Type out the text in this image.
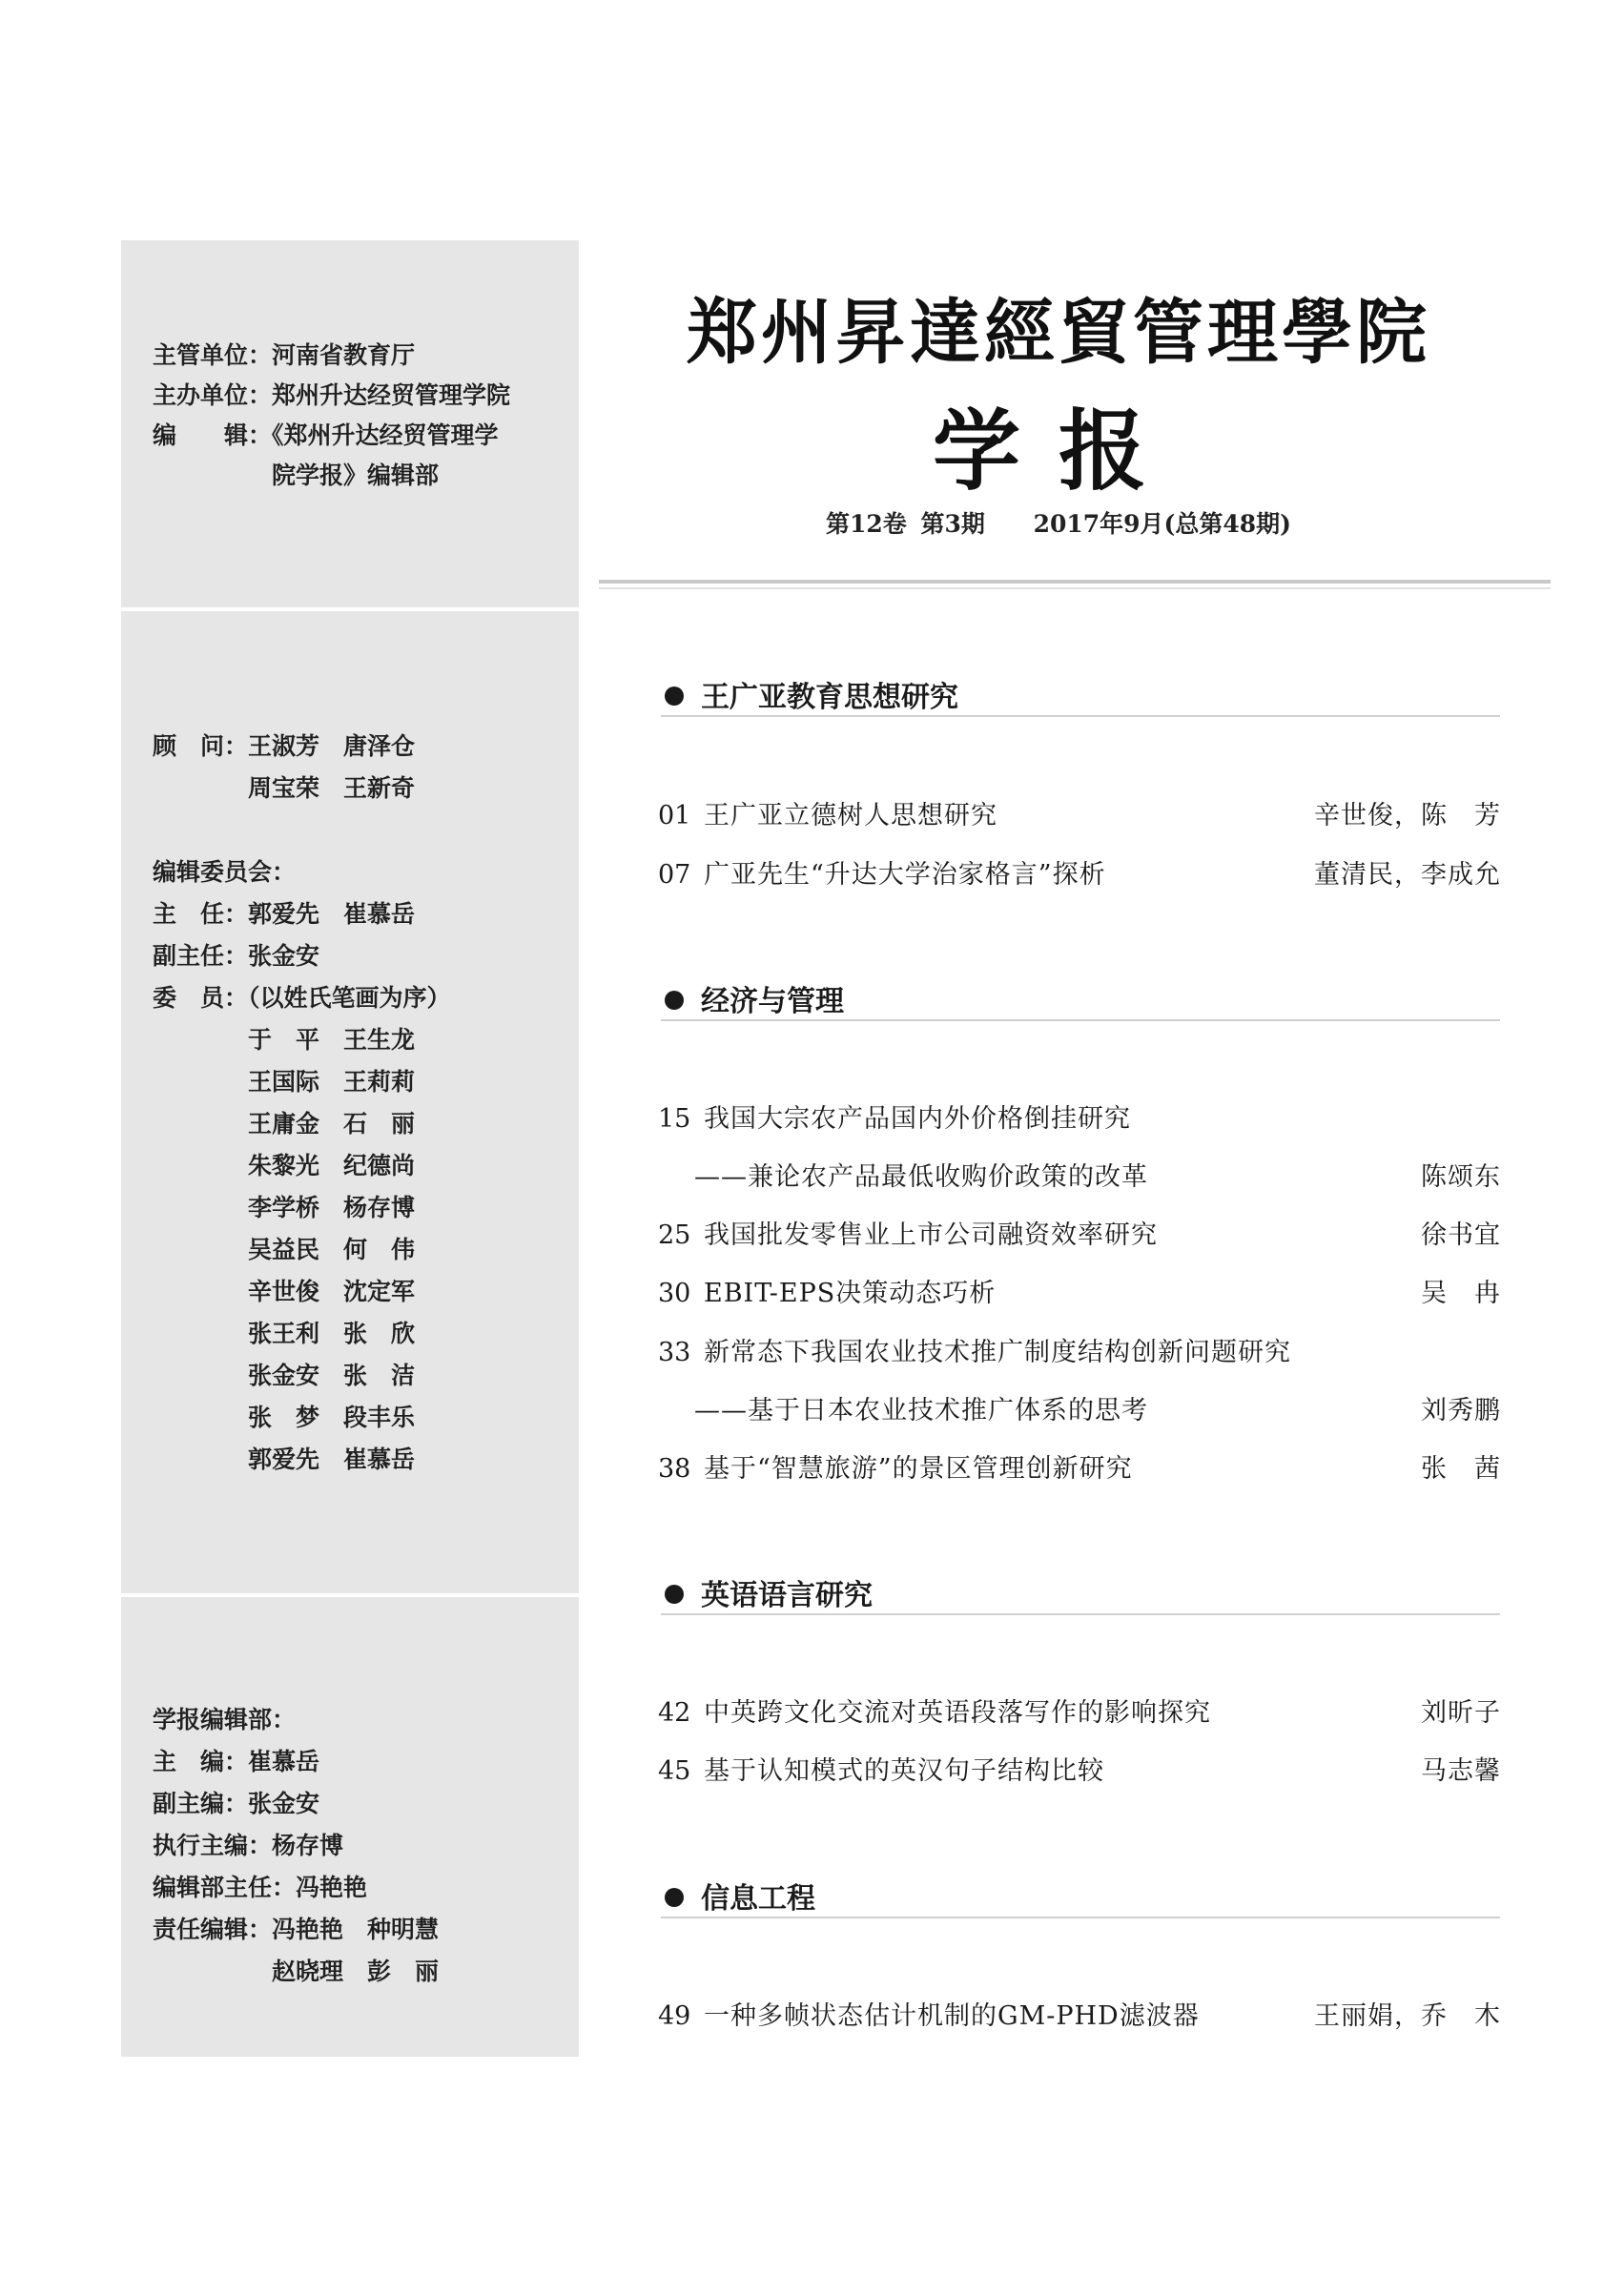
主管单位：河南省教育厅
主办单位：郑州升达经贸管理学院
编　　辑：《郑州升达经贸管理学
　　　　　院学报》编辑部
顾　问：王淑芳　唐泽仓
　　　　周宝荣　王新奇
编辑委员会：
主　任：郭爱先　崔慕岳
副主任：张金安
委　员：（以姓氏笔画为序）
　　　　于　平　王生龙
　　　　王国际　王莉莉
　　　　王庸金　石　丽
　　　　朱黎光　纪德尚
　　　　李学桥　杨存博
　　　　吴益民　何　伟
　　　　辛世俊　沈定军
　　　　张王利　张　欣
　　　　张金安　张　洁
　　　　张　梦　段丰乐
　　　　郭爱先　崔慕岳
学报编辑部：
主　编：崔慕岳
副主编：张金安
执行主编：杨存博
编辑部主任：冯艳艳
责任编辑：冯艳艳　种明慧
　　　　　赵晓理　彭　丽
郑州昇達經貿管理學院
学报
第12卷 第3期 2017年9月(总第48期)
王广亚教育思想研究
01 王广亚立德树人思想研究	辛世俊，陈　芳
07 广亚先生“升达大学治家格言”探析	董清民，李成允
经济与管理
15 我国大宗农产品国内外价格倒挂研究
——兼论农产品最低收购价政策的改革	陈颂东
25 我国批发零售业上市公司融资效率研究	徐书宜
30 EBIT-EPS决策动态巧析	吴　冉
33 新常态下我国农业技术推广制度结构创新问题研究
——基于日本农业技术推广体系的思考	刘秀鹏
38 基于“智慧旅游”的景区管理创新研究	张　茜
英语语言研究
42 中英跨文化交流对英语段落写作的影响探究	刘昕子
45 基于认知模式的英汉句子结构比较	马志馨
信息工程
49 一种多帧状态估计机制的GM-PHD滤波器	王丽娟，乔　木
